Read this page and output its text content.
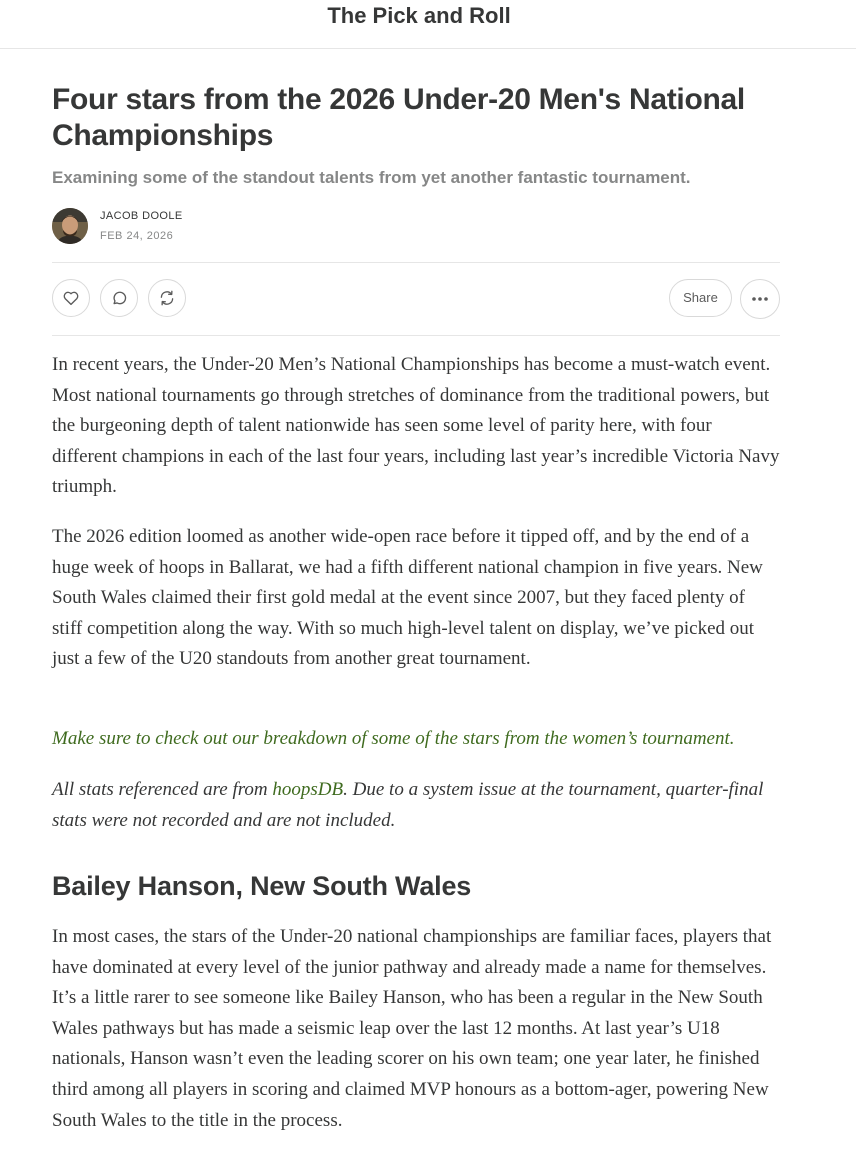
The Pick and Roll
Four stars from the 2026 Under-20 Men's National Championships
Examining some of the standout talents from yet another fantastic tournament.
JACOB DOOLE
FEB 24, 2026
Share

In recent years, the Under-20 Men’s National Championships has become a must-watch event. Most national tournaments go through stretches of dominance from the traditional powers, but the burgeoning depth of talent nationwide has seen some level of parity here, with four different champions in each of the last four years, including last year’s incredible Victoria Navy triumph.

The 2026 edition loomed as another wide-open race before it tipped off, and by the end of a huge week of hoops in Ballarat, we had a fifth different national champion in five years. New South Wales claimed their first gold medal at the event since 2007, but they faced plenty of stiff competition along the way. With so much high-level talent on display, we’ve picked out just a few of the U20 standouts from another great tournament.

Make sure to check out our breakdown of some of the stars from the women’s tournament.

All stats referenced are from hoopsDB. Due to a system issue at the tournament, quarter-final stats were not recorded and are not included.

Bailey Hanson, New South Wales

In most cases, the stars of the Under-20 national championships are familiar faces, players that have dominated at every level of the junior pathway and already made a name for themselves. It’s a little rarer to see someone like Bailey Hanson, who has been a regular in the New South Wales pathways but has made a seismic leap over the last 12 months. At last year’s U18 nationals, Hanson wasn’t even the leading scorer on his own team; one year later, he finished third among all players in scoring and claimed MVP honours as a bottom-ager, powering New South Wales to the title in the process.
